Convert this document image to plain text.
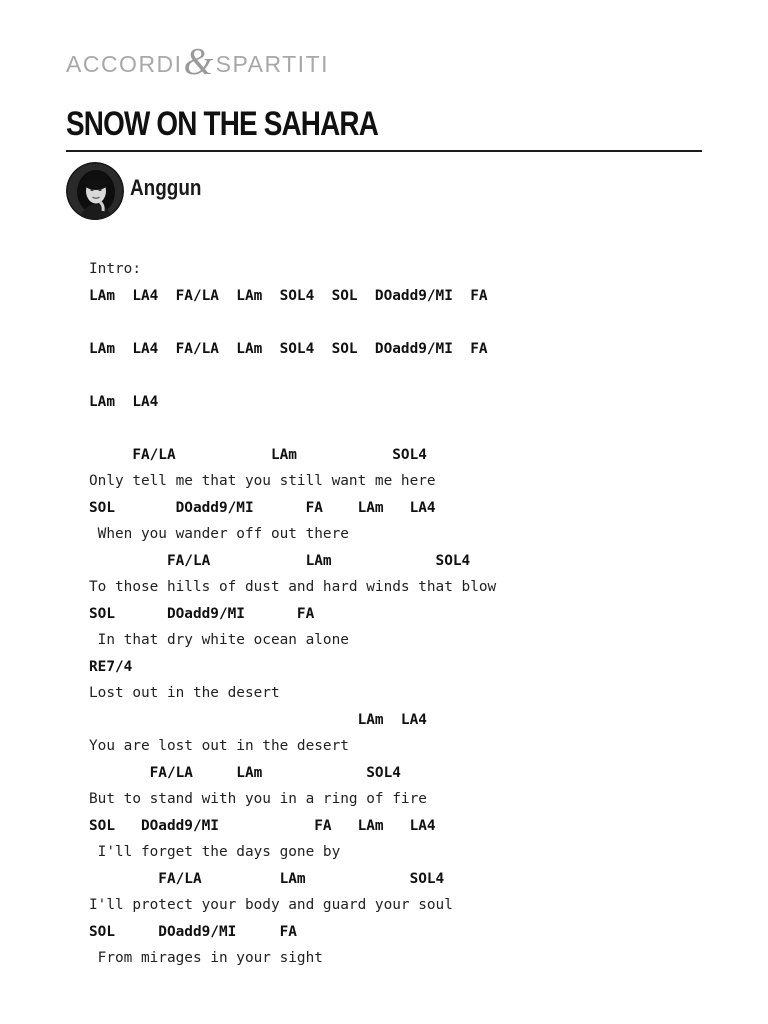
ACCORDI & SPARTITI
SNOW ON THE SAHARA
Anggun
Intro:
LAm  LA4  FA/LA  LAm  SOL4  SOL  DOadd9/MI  FA
LAm  LA4  FA/LA  LAm  SOL4  SOL  DOadd9/MI  FA
LAm  LA4
FA/LA           LAm           SOL4
Only tell me that you still want me here
SOL       DOadd9/MI      FA    LAm   LA4
When you wander off out there
FA/LA           LAm            SOL4
To those hills of dust and hard winds that blow
SOL      DOadd9/MI      FA
In that dry white ocean alone
RE7/4
Lost out in the desert
LAm  LA4
You are lost out in the desert
FA/LA     LAm            SOL4
But to stand with you in a ring of fire
SOL   DOadd9/MI           FA   LAm   LA4
I'll forget the days gone by
FA/LA         LAm            SOL4
I'll protect your body and guard your soul
SOL     DOadd9/MI     FA
From mirages in your sight
